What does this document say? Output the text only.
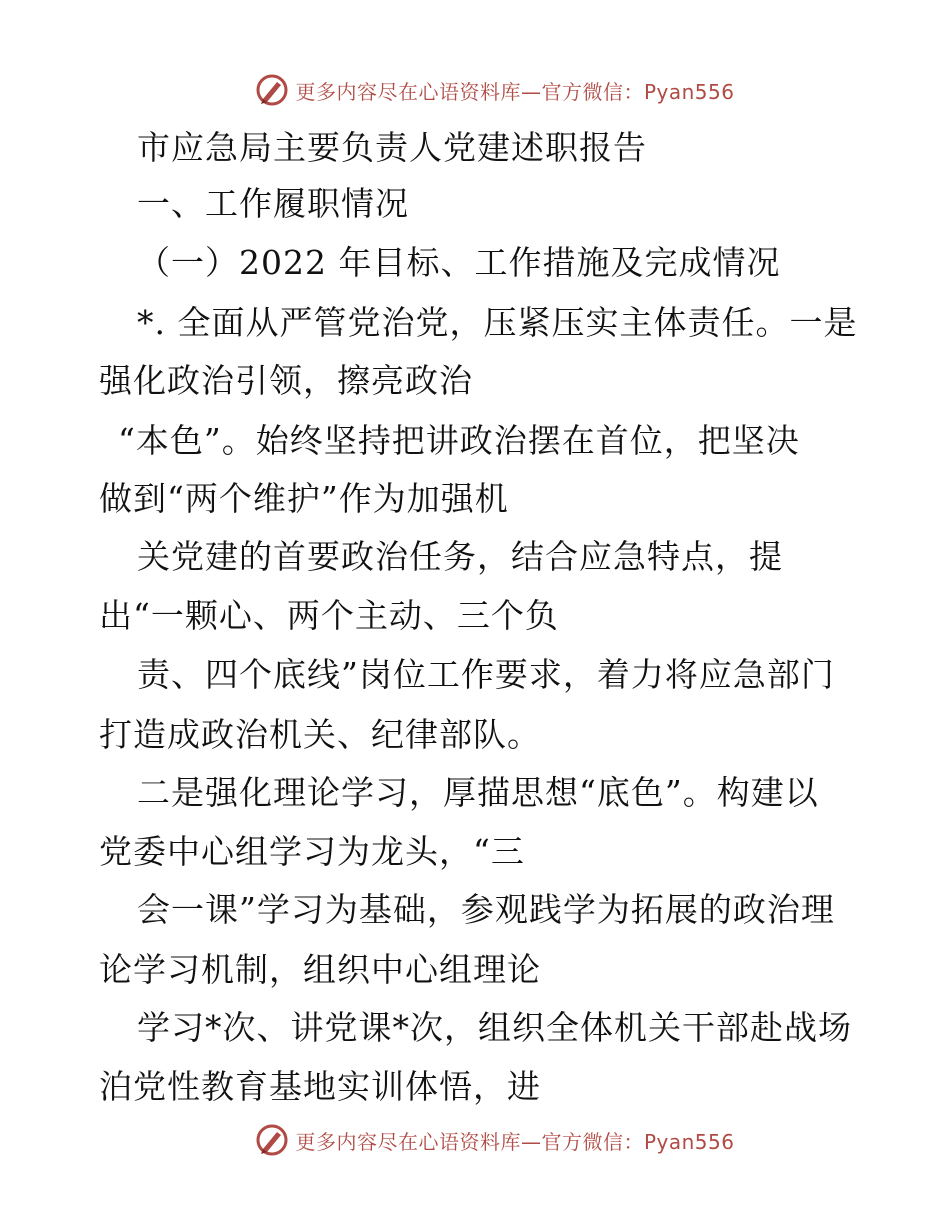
更多内容尽在心语资料库—官方微信：Pyan556
市应急局主要负责人党建述职报告
一、工作履职情况
（一）2022 年目标、工作措施及完成情况
*. 全面从严管党治党，压紧压实主体责任。一是
强化政治引领，擦亮政治
“本色”。始终坚持把讲政治摆在首位，把坚决
做到“两个维护”作为加强机
关党建的首要政治任务，结合应急特点，提
出“一颗心、两个主动、三个负
责、四个底线”岗位工作要求，着力将应急部门
打造成政治机关、纪律部队。
二是强化理论学习，厚描思想“底色”。构建以
党委中心组学习为龙头，“三
会一课”学习为基础，参观践学为拓展的政治理
论学习机制，组织中心组理论
学习*次、讲党课*次，组织全体机关干部赴战场
泊党性教育基地实训体悟，进
更多内容尽在心语资料库—官方微信：Pyan556
